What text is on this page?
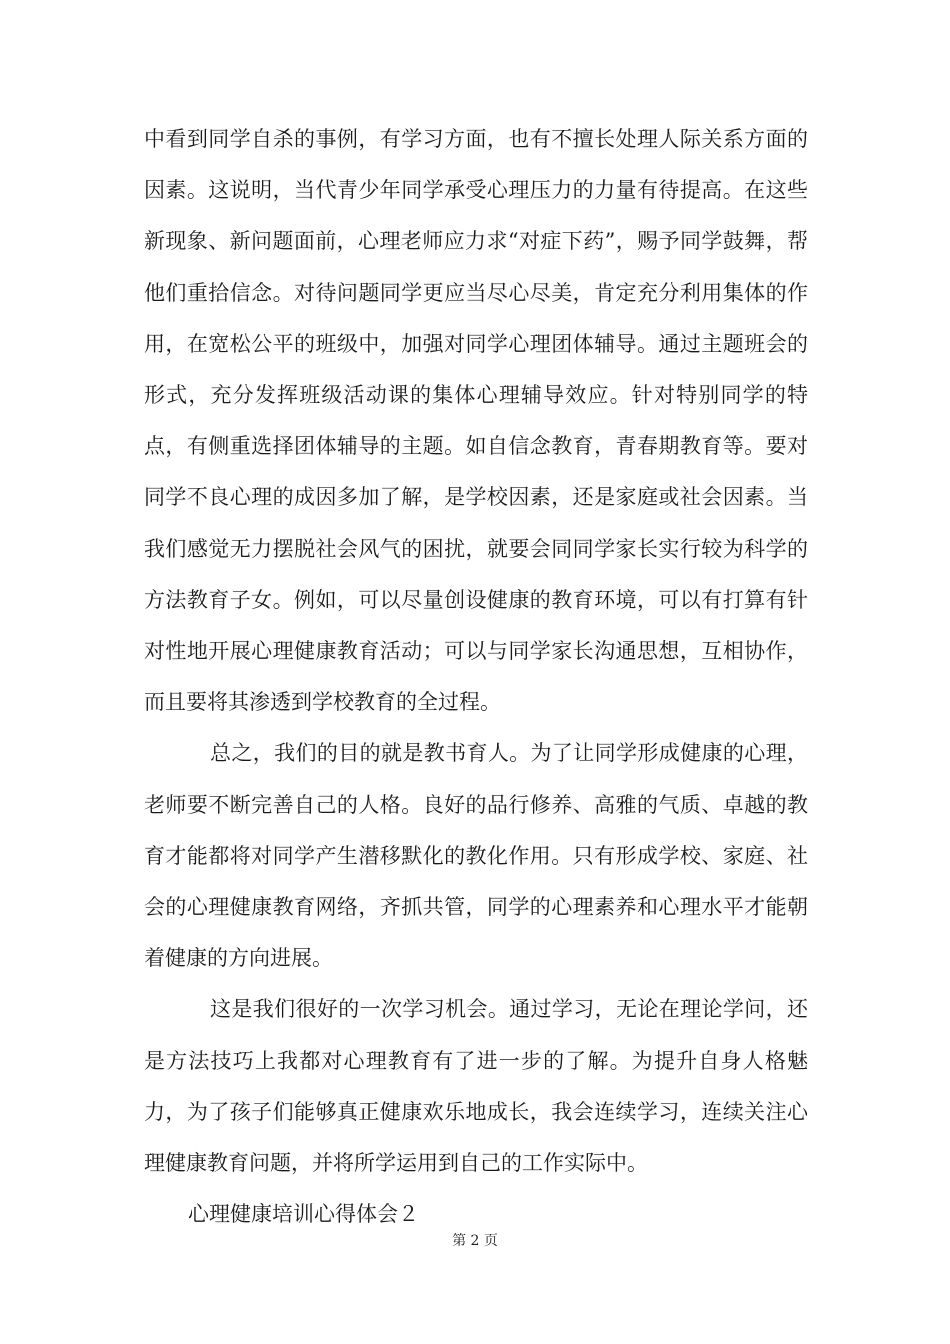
中看到同学自杀的事例，有学习方面，也有不擅长处理人际关系方面的因素。这说明，当代青少年同学承受心理压力的力量有待提高。在这些新现象、新问题面前，心理老师应力求“对症下药”，赐予同学鼓舞，帮他们重拾信念。对待问题同学更应当尽心尽美，肯定充分利用集体的作用，在宽松公平的班级中，加强对同学心理团体辅导。通过主题班会的形式，充分发挥班级活动课的集体心理辅导效应。针对特别同学的特点，有侧重选择团体辅导的主题。如自信念教育，青春期教育等。要对同学不良心理的成因多加了解，是学校因素，还是家庭或社会因素。当我们感觉无力摆脱社会风气的困扰，就要会同同学家长实行较为科学的方法教育子女。例如，可以尽量创设健康的教育环境，可以有打算有针对性地开展心理健康教育活动；可以与同学家长沟通思想，互相协作，而且要将其渗透到学校教育的全过程。

总之，我们的目的就是教书育人。为了让同学形成健康的心理，老师要不断完善自己的人格。良好的品行修养、高雅的气质、卓越的教育才能都将对同学产生潜移默化的教化作用。只有形成学校、家庭、社会的心理健康教育网络，齐抓共管，同学的心理素养和心理水平才能朝着健康的方向进展。

这是我们很好的一次学习机会。通过学习，无论在理论学问，还是方法技巧上我都对心理教育有了进一步的了解。为提升自身人格魅力，为了孩子们能够真正健康欢乐地成长，我会连续学习，连续关注心理健康教育问题，并将所学运用到自己的工作实际中。

心理健康培训心得体会２

第 2 页
